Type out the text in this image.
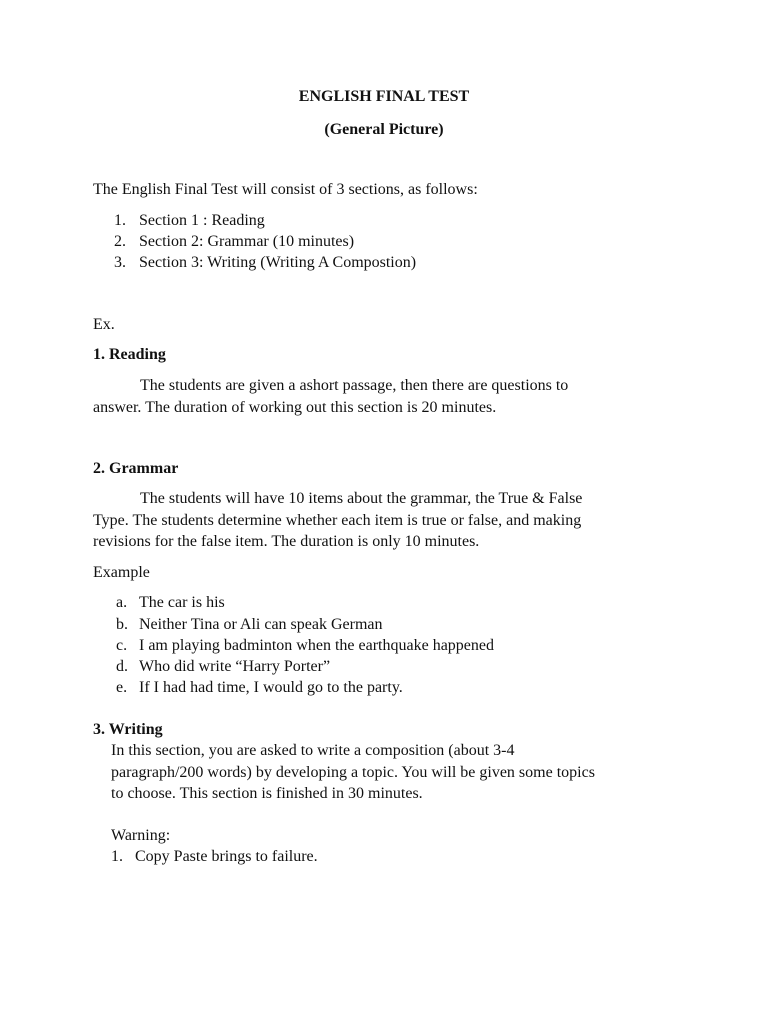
ENGLISH FINAL TEST
(General Picture)
The English Final Test will consist of 3 sections, as follows:
1. Section 1 : Reading
2. Section 2: Grammar (10 minutes)
3. Section 3: Writing (Writing A Compostion)
Ex.
1. Reading
The students are given a ashort passage, then there are questions to
answer. The duration of working out this section is 20 minutes.
2. Grammar
The students will have 10 items about the grammar, the True & False
Type. The students determine whether each item is true or false, and making
revisions for the false item. The duration is only 10 minutes.
Example
a. The car is his
b. Neither Tina or Ali can speak German
c. I am playing badminton when the earthquake happened
d. Who did write “Harry Porter”
e. If I had had time, I would go to the party.
3. Writing
In this section, you are asked to write a composition (about 3-4
paragraph/200 words) by developing a topic. You will be given some topics
to choose. This section is finished in 30 minutes.
Warning:
1. Copy Paste brings to failure.
